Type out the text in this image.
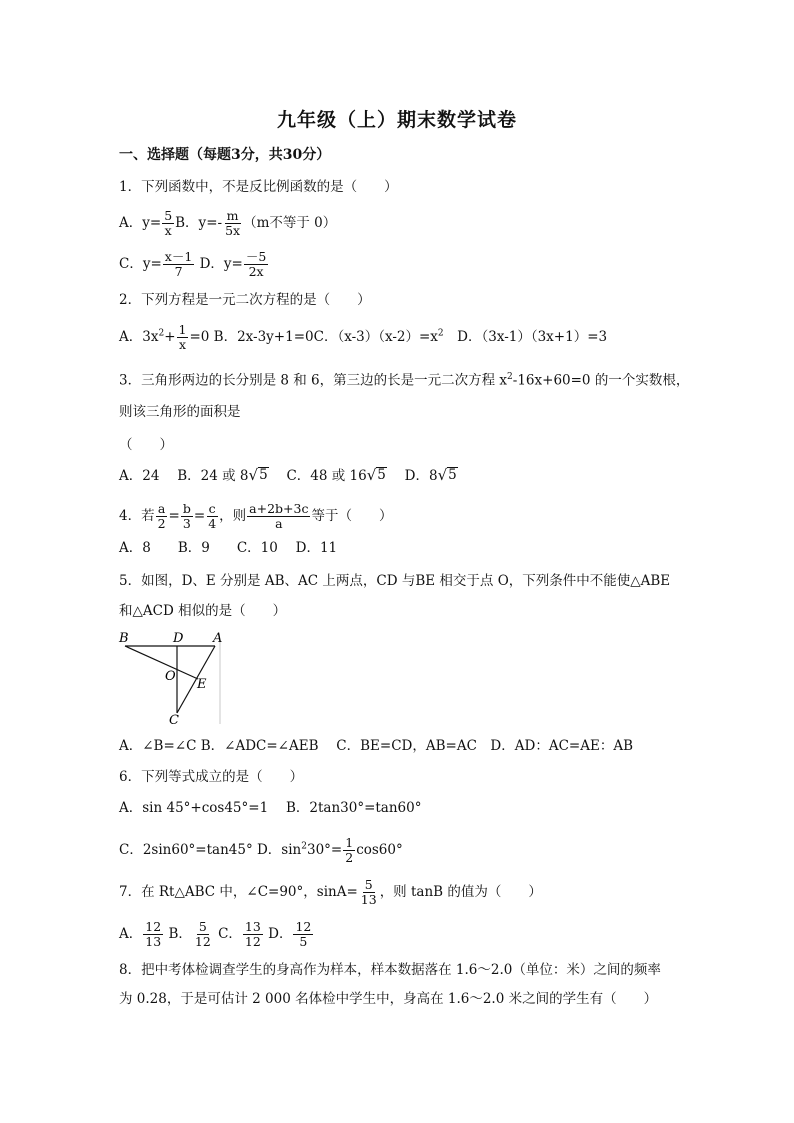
九年级（上）期末数学试卷
一、选择题（每题3分，共30分）
1．下列函数中，不是反比例函数的是（　　）
A．$y= \frac{5}{x}$ B．$y=- \frac{m}{5x} (m$不等于 0）
C．$y= \frac{x-1}{7}$ D．$y= \frac{-5}{2x}$
2．下列方程是一元二次方程的是（　　）
A．$3x^2+ \frac{1}{x} =0$ B．2x-3y+1=0C．$(x-3)(x-2)=x^2$　D．（3x-1）（3x+1）=3
3．三角形两边的长分别是 8 和 6，第三边的长是一元二次方程 $x^2-16x+60=0$ 的一个实数根，
则该三角形的面积是
（　　）
A．24　 B．24 或 8 √ 5 　 C．48 或 16 √ 5 　 D．8 √ 5
4．若 $\frac{a}{2} = \frac{b}{3} = \frac{c}{4}$ ，则 $\frac{a+2b+3c}{a}$ 等于（　　）
A．8　　B．9　　C．10　 D．11
5．如图，D、E 分别是 AB、AC 上两点，CD 与BE 相交于点 O，下列条件中不能使△ABE
和△ACD 相似的是（　　）
B	D A
O
E
C
A．∠B=∠C B．∠ADC=∠AEB　 C．BE=CD，AB=AC　D．AD：AC=AE：AB
6．下列等式成立的是（　　）
A．sin 45°+cos45°=1　 B．2tan30°=tan60°
C．2sin60°=tan45° D．$\sin^230^\circ= \frac{1}{2} \cos 60^\circ$
7．在 Rt△ABC 中，∠C=90°，$\sin A= \frac{5}{13}$ ，则 tanB 的值为（　　）
A． $\frac{12}{13}$ B． $\frac{5}{12}$ C． $\frac{13}{12}$ D． $\frac{12}{5}$
8．把中考体检调查学生的身高作为样本，样本数据落在 1.6～2.0（单位：米）之间的频率
为 0.28，于是可估计 2 000 名体检中学生中，身高在 1.6～2.0 米之间的学生有（　　）
